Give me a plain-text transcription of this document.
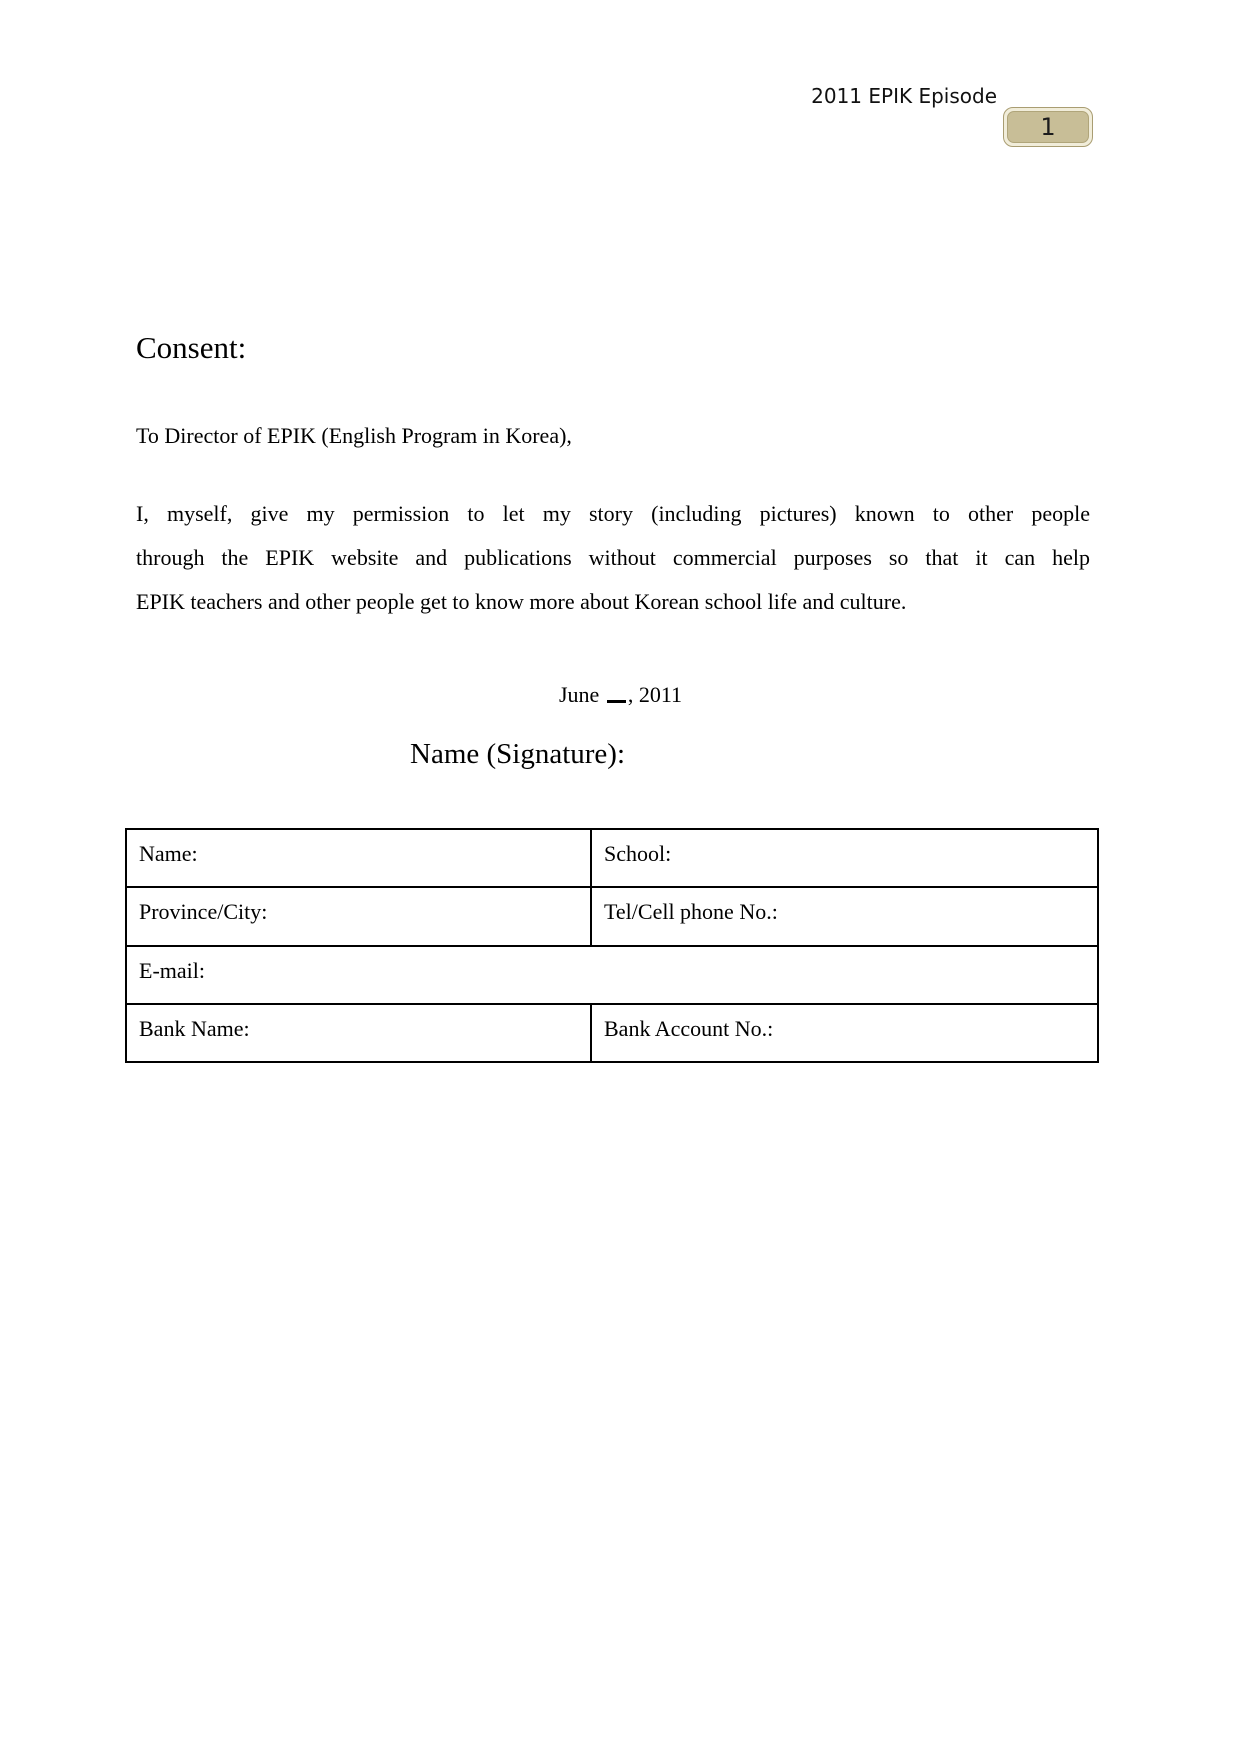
2011 EPIK Episode
1
Consent:
To Director of EPIK (English Program in Korea),
I, myself, give my permission to let my story (including pictures) known to other people
through the EPIK website and publications without commercial purposes so that it can help
EPIK teachers and other people get to know more about Korean school life and culture.
June , 2011
Name (Signature):
Name:	School:
Province/City:	Tel/Cell phone No.:
E-mail:	
Bank Name:	Bank Account No.:
